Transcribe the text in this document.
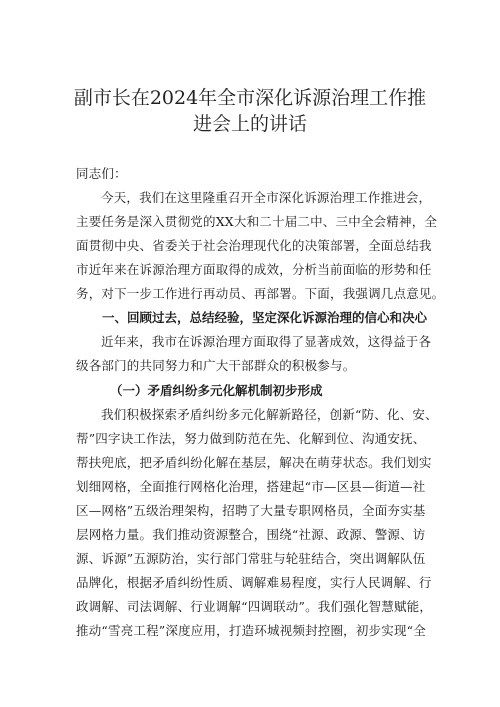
副市长在2024年全市深化诉源治理工作推
进会上的讲话
同志们：
今天，我们在这里隆重召开全市深化诉源治理工作推进会，
主要任务是深入贯彻党的XX大和二十届二中、三中全会精神，全
面贯彻中央、省委关于社会治理现代化的决策部署，全面总结我
市近年来在诉源治理方面取得的成效，分析当前面临的形势和任
务，对下一步工作进行再动员、再部署。下面，我强调几点意见。
一、回顾过去，总结经验，坚定深化诉源治理的信心和决心
近年来，我市在诉源治理方面取得了显著成效，这得益于各
级各部门的共同努力和广大干部群众的积极参与。
（一）矛盾纠纷多元化解机制初步形成
我们积极探索矛盾纠纷多元化解新路径，创新“防、化、安、
帮”四字诀工作法，努力做到防范在先、化解到位、沟通安抚、
帮扶兜底，把矛盾纠纷化解在基层，解决在萌芽状态。我们划实
划细网格，全面推行网格化治理，搭建起“市—区县—街道—社
区—网格”五级治理架构，招聘了大量专职网格员，全面夯实基
层网格力量。我们推动资源整合，围绕“社源、政源、警源、访
源、诉源”五源防治，实行部门常驻与轮驻结合，突出调解队伍
品牌化，根据矛盾纠纷性质、调解难易程度，实行人民调解、行
政调解、司法调解、行业调解“四调联动”。我们强化智慧赋能，
推动“雪亮工程”深度应用，打造环城视频封控圈，初步实现“全
